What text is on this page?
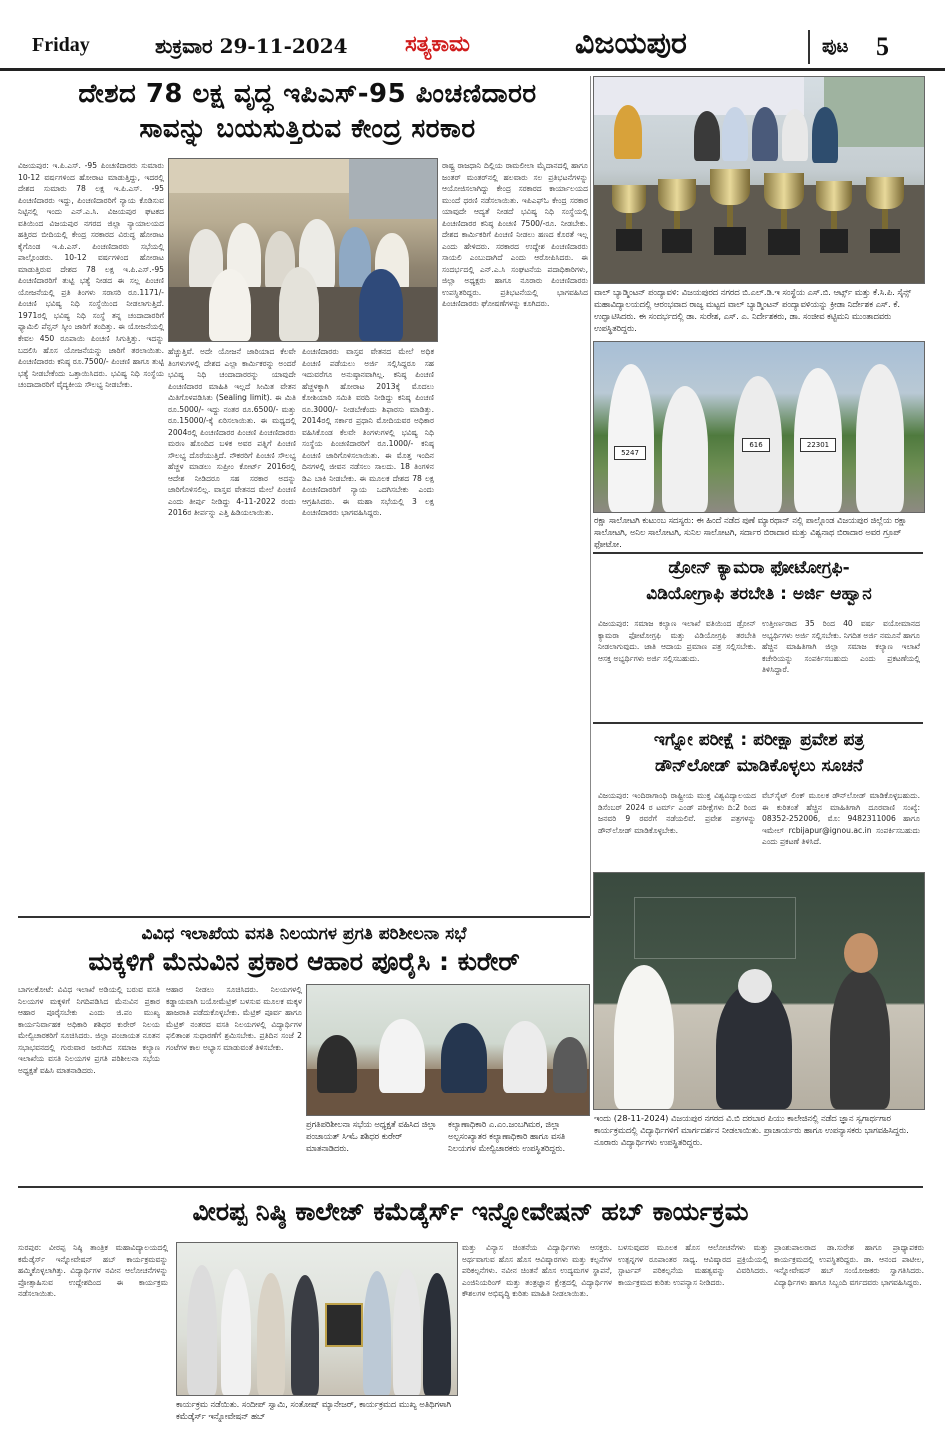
Friday	ಶುಕ್ರವಾರ 29-11-2024	ಸತ್ಯಕಾಮ	ವಿಜಯಪುರ	ಪುಟ 5
ದೇಶದ 78 ಲಕ್ಷ ವೃದ್ಧ ಇಪಿಎಸ್-95 ಪಿಂಚಣಿದಾರರ
ಸಾವನ್ನು ಬಯಸುತ್ತಿರುವ ಕೇಂದ್ರ ಸರಕಾರ
ವಿಜಯಪುರ: ಇ.ಪಿ.ಎಸ್. -95 ಪಿಂಚಣಿದಾರರು ಸುಮಾರು 10-12 ವರ್ಷಗಳಿಂದ ಹೋರಾಟ ಮಾಡುತ್ತಿದ್ದು, ಇದರಲ್ಲಿ ದೇಶದ ಸುಮಾರು 78 ಲಕ್ಷ ಇ.ಪಿ.ಎಸ್. -95 ಪಿಂಚಣಿದಾರರು ಇದ್ದು, ಪಿಂಚಣಿದಾರರಿಗೆ ನ್ಯಾಯ ಕೊಡಿಸುವ ನಿಟ್ಟಿನಲ್ಲಿ ಇಂದು ಎನ್.ಎ.ಸಿ. ವಿಜಯಪುರ ಘಟಕದ ವತಿಯಿಂದ ವಿಜಯಪುರ ನಗರದ ಜಿಲ್ಲಾ ನ್ಯಾಯಾಲಯದ ಹತ್ತಿರದ ಬೀದಿಯಲ್ಲಿ ಕೇಂದ್ರ ಸರಕಾರದ ವಿರುದ್ಧ ಹೋರಾಟ ಕೈಗೊಂಡ ಇ.ಪಿ.ಎಸ್. ಪಿಂಚಣಿದಾರರು ಸಭೆಯಲ್ಲಿ ಪಾಲ್ಗೊಂಡರು. 10-12 ವರ್ಷಗಳಿಂದ ಹೋರಾಟ ಮಾಡುತ್ತಿರುವ ದೇಶದ 78 ಲಕ್ಷ ಇ.ಪಿ.ಎಸ್.-95 ಪಿಂಚಣಿದಾರರಿಗೆ ತುಟ್ಟಿ ಭತ್ಯೆ ನೀಡದ ಈ ಸಲ್ಲ ಪಿಂಚಣಿ ಯೋಜನೆಯಲ್ಲಿ ಪ್ರತಿ ತಿಂಗಳು ಸರಾಸರಿ ರೂ.1171/- ಪಿಂಚಣಿ ಭವಿಷ್ಯ ನಿಧಿ ಸಂಸ್ಥೆಯಿಂದ ನೀಡಲಾಗುತ್ತಿದೆ. 1971ರಲ್ಲಿ ಭವಿಷ್ಯ ನಿಧಿ ಸಂಸ್ಥೆ ತನ್ನ ಚಂದಾದಾರರಿಗೆ ಫ್ಯಾಮಿಲಿ ಪೆನ್ಷನ್ ಸ್ಕೀಂ ಜಾರಿಗೆ ತಂದಿತ್ತು. ಈ ಯೋಜನೆಯಲ್ಲಿ ಕೇವಲ 450 ರೂಪಾಯಿ ಪಿಂಚಣಿ ಸಿಗುತ್ತಿತ್ತು. ಇದನ್ನು ಬದಲಿಸಿ ಹೊಸ ಯೋಜನೆಯನ್ನು ಜಾರಿಗೆ ತರಲಾಯಿತು. ಪಿಂಚಣಿದಾರರು ಕನಿಷ್ಠ ರೂ.7500/- ಪಿಂಚಣಿ ಹಾಗೂ ತುಟ್ಟಿ ಭತ್ಯೆ ನೀಡಬೇಕೆಂದು ಒತ್ತಾಯಿಸಿದರು. ಭವಿಷ್ಯ ನಿಧಿ ಸಂಸ್ಥೆಯ ಚಂದಾದಾರರಿಗೆ ವೈದ್ಯಕೀಯ ಸೌಲಭ್ಯ ನೀಡಬೇಕು.
ಹೆಚ್ಚುತ್ತಿವೆ. ಅದೇ ಯೋಜನೆ ಜಾರಿಯಾದ ಕೆಲವೇ ತಿಂಗಳುಗಳಲ್ಲಿ ದೇಶದ ಎಲ್ಲಾ ಕಾರ್ಮಿಕರನ್ನು ಅಂದರೆ ಭವಿಷ್ಯ ನಿಧಿ ಚಂದಾದಾರರನ್ನು ಯಾವುದೇ ಪಿಂಚಣಿದಾರರ ಮಾಹಿತಿ ಇಲ್ಲದೆ ಸೀಮಿತ ವೇತನ ಮಿತಿಗೊಳಪಡಿಸಿತು (Sealing limit). ಈ ಮಿತಿ ರೂ.5000/- ಇದ್ದು ನಂತರ ರೂ.6500/- ಮತ್ತು ರೂ.15000/-ಕ್ಕೆ ಏರಿಸಲಾಯಿತು. ಈ ಮಧ್ಯದಲ್ಲಿ 2004ರಲ್ಲಿ ಪಿಂಚಣಿದಾರರ ಪಿಂಚಣಿ ಪಿಂಚಣಿದಾರರು ಮರಣ ಹೊಂದಿದ ಬಳಿಕ ಅವರ ಪತ್ನಿಗೆ ಪಿಂಚಣಿ ಸೌಲಭ್ಯ ದೊರೆಯುತ್ತಿದೆ. ನೌಕರರಿಗೆ ಪಿಂಚಣಿ ಸೌಲಭ್ಯ ಹೆಚ್ಚಳ ಮಾಡಲು ಸುಪ್ರೀಂ ಕೋರ್ಟ್ 2016ರಲ್ಲಿ ಆದೇಶ ನೀಡಿದರೂ ಸಹ ಸರಕಾರ ಅದನ್ನು ಜಾರಿಗೊಳಿಸಲಿಲ್ಲ. ವಾಸ್ತವ ವೇತನದ ಮೇಲೆ ಪಿಂಚಣಿ ಎಂದು ತೀರ್ಪು ನೀಡಿದ್ದು 4-11-2022 ರಂದು 2016ರ ತೀರ್ಪನ್ನು ಎತ್ತಿ ಹಿಡಿಯಲಾಯಿತು.
ಪಿಂಚಣಿದಾರರು ವಾಸ್ತವ ವೇತನದ ಮೇಲೆ ಅಧಿಕ ಪಿಂಚಣಿ ಪಡೆಯಲು ಅರ್ಜಿ ಸಲ್ಲಿಸಿದ್ದರೂ ಸಹ ಇದುವರೆಗೂ ಅನುಷ್ಠಾನವಾಗಿಲ್ಲ. ಕನಿಷ್ಠ ಪಿಂಚಣಿ ಹೆಚ್ಚಳಕ್ಕಾಗಿ ಹೋರಾಟ 2013ಕ್ಕೆ ಮೊದಲು ಕೋಶಿಯಾರಿ ಸಮಿತಿ ವರದಿ ನೀಡಿದ್ದು ಕನಿಷ್ಠ ಪಿಂಚಣಿ ರೂ.3000/- ನೀಡಬೇಕೆಂದು ಶಿಫಾರಸು ಮಾಡಿತ್ತು. 2014ರಲ್ಲಿ ಸರ್ಕಾರ ಪ್ರಧಾನಿ ಮೋದಿಯವರ ಅಧಿಕಾರ ವಹಿಸಿಕೊಂಡ ಕೆಲವೇ ತಿಂಗಳುಗಳಲ್ಲಿ ಭವಿಷ್ಯ ನಿಧಿ ಸಂಸ್ಥೆಯ ಪಿಂಚಣಿದಾರರಿಗೆ ರೂ.1000/- ಕನಿಷ್ಠ ಪಿಂಚಣಿ ಜಾರಿಗೊಳಿಸಲಾಯಿತು. ಈ ಮೊತ್ತ ಇಂದಿನ ದಿನಗಳಲ್ಲಿ ಜೀವನ ನಡೆಸಲು ಸಾಲದು. 18 ತಿಂಗಳಿನ ಡಿಎ ಬಾಕಿ ನೀಡಬೇಕು. ಈ ಮೂಲಕ ದೇಶದ 78 ಲಕ್ಷ ಪಿಂಚಣಿದಾರರಿಗೆ ನ್ಯಾಯ ಒದಗಿಸಬೇಕು ಎಂದು ಆಗ್ರಹಿಸಿದರು. ಈ ಮಹಾ ಸಭೆಯಲ್ಲಿ 3 ಲಕ್ಷ ಪಿಂಚಣಿದಾರರು ಭಾಗವಹಿಸಿದ್ದರು.
ರಾಷ್ಟ್ರ ರಾಜಧಾನಿ ದಿಲ್ಲಿಯ ರಾಮಲೀಲಾ ಮೈದಾನದಲ್ಲಿ ಹಾಗೂ ಜಂತರ್ ಮಂತರ್‌ನಲ್ಲಿ ಹಲವಾರು ಸಲ ಪ್ರತಿಭಟನೆಗಳನ್ನು ಆಯೋಜಿಸಲಾಗಿದ್ದು ಕೇಂದ್ರ ಸರಕಾರದ ಕಾರ್ಯಾಲಯದ ಮುಂದೆ ಧರಣಿ ನಡೆಸಲಾಯಿತು. ಇಪಿಎಫ್‌ಓ ಕೇಂದ್ರ ಸರಕಾರ ಯಾವುದೇ ಆದ್ಯತೆ ನೀಡದೆ ಭವಿಷ್ಯ ನಿಧಿ ಸಂಸ್ಥೆಯಲ್ಲಿ ಪಿಂಚಣಿದಾರರ ಕನಿಷ್ಠ ಪಿಂಚಣಿ 7500/-ರೂ. ನೀಡಬೇಕು. ದೇಶದ ಕಾರ್ಮಿಕರಿಗೆ ಪಿಂಚಣಿ ನೀಡಲು ಹಣದ ಕೊರತೆ ಇಲ್ಲ ಎಂದು ಹೇಳಿದರು. ಸರಕಾರದ ಉದ್ದೇಶ ಪಿಂಚಣಿದಾರರು ಸಾಯಲಿ ಎಂಬುದಾಗಿದೆ ಎಂದು ಆರೋಪಿಸಿದರು. ಈ ಸಂದರ್ಭದಲ್ಲಿ ಎನ್.ಎ.ಸಿ ಸಂಘಟನೆಯ ಪದಾಧಿಕಾರಿಗಳು, ಜಿಲ್ಲಾ ಅಧ್ಯಕ್ಷರು ಹಾಗೂ ನೂರಾರು ಪಿಂಚಣಿದಾರರು ಉಪಸ್ಥಿತರಿದ್ದರು. ಪ್ರತಿಭಟನೆಯಲ್ಲಿ ಭಾಗವಹಿಸಿದ ಪಿಂಚಣಿದಾರರು ಘೋಷಣೆಗಳನ್ನು ಕೂಗಿದರು.
ವಾಲ್ ಬ್ಯಾಡ್ಮಿಂಟನ್ ಪಂದ್ಯಾವಳಿ: ವಿಜಯಪುರದ ನಗರದ ಬಿ.ಎಲ್.ಡಿ.ಇ ಸಂಸ್ಥೆಯ ಎಸ್.ಬಿ. ಆರ್ಟ್ಸ್ ಮತ್ತು ಕೆ.ಸಿ.ಪಿ. ಸೈನ್ಸ್ ಮಹಾವಿದ್ಯಾಲಯದಲ್ಲಿ ಆರಂಭವಾದ ರಾಜ್ಯ ಮಟ್ಟದ ವಾಲ್ ಬ್ಯಾಡ್ಮಿಂಟನ್ ಪಂದ್ಯಾವಳಿಯನ್ನು ಕ್ರೀಡಾ ನಿರ್ದೇಶಕ ಎಸ್. ಕೆ. ಉದ್ಘಾಟಿಸಿದರು. ಈ ಸಂದರ್ಭದಲ್ಲಿ ಡಾ. ಸುರೇಶ, ಎಸ್. ಎ. ನಿರ್ದೇಶಕರು, ಡಾ. ಸಂಜೀವ ಕಟ್ಟಿಮನಿ ಮುಂತಾದವರು ಉಪಸ್ಥಿತರಿದ್ದರು.
616	22301
5247
ರಕ್ಷಾ ಸಾಲೋಟಗಿ ಕುಟುಂಬ ಸದಸ್ಯರು: ಈ ಹಿಂದೆ ನಡೆದ ಪುಣೆ ಮ್ಯಾರಥಾನ್ ನಲ್ಲಿ ಪಾಲ್ಗೊಂಡ ವಿಜಯಪುರ ಜಿಲ್ಲೆಯ ರಕ್ಷಾ ಸಾಲೋಟಗಿ, ಅನಿಲ ಸಾಲೋಟಗಿ, ಸುನಿಲ ಸಾಲೋಟಗಿ, ಸರ್ದಾರ ಬಿರಾದಾರ ಮತ್ತು ವಿಶ್ವನಾಥ ಬಿರಾದಾರ ಅವರ ಗ್ರೂಪ್ ಫೋಟೋ.
ಡ್ರೋನ್ ಕ್ಯಾಮರಾ ಫೋಟೋಗ್ರಫಿ-
ವಿಡಿಯೋಗ್ರಾಫಿ ತರಬೇತಿ : ಅರ್ಜಿ ಆಹ್ವಾನ
ವಿಜಯಪುರ: ಸಮಾಜ ಕಲ್ಯಾಣ ಇಲಾಖೆ ವತಿಯಿಂದ ಡ್ರೋನ್ ಕ್ಯಾಮರಾ ಫೋಟೋಗ್ರಫಿ ಮತ್ತು ವಿಡಿಯೋಗ್ರಫಿ ತರಬೇತಿ ನೀಡಲಾಗುವುದು. ಜಾತಿ ಆದಾಯ ಪ್ರಮಾಣ ಪತ್ರ ಸಲ್ಲಿಸಬೇಕು. ಆಸಕ್ತ ಅಭ್ಯರ್ಥಿಗಳು ಅರ್ಜಿ ಸಲ್ಲಿಸಬಹುದು.
ಉತ್ತೀರ್ಣರಾದ 35 ರಿಂದ 40 ವರ್ಷ ವಯೋಮಾನದ ಅಭ್ಯರ್ಥಿಗಳು ಅರ್ಜಿ ಸಲ್ಲಿಸಬೇಕು. ನಿಗದಿತ ಅರ್ಜಿ ನಮೂನೆ ಹಾಗೂ ಹೆಚ್ಚಿನ ಮಾಹಿತಿಗಾಗಿ ಜಿಲ್ಲಾ ಸಮಾಜ ಕಲ್ಯಾಣ ಇಲಾಖೆ ಕಚೇರಿಯನ್ನು ಸಂಪರ್ಕಿಸಬಹುದು ಎಂದು ಪ್ರಕಟಣೆಯಲ್ಲಿ ತಿಳಿಸಿದ್ದಾರೆ.
ಇಗ್ನೋ ಪರೀಕ್ಷೆ : ಪರೀಕ್ಷಾ ಪ್ರವೇಶ ಪತ್ರ
ಡೌನ್‌ಲೋಡ್ ಮಾಡಿಕೊಳ್ಳಲು ಸೂಚನೆ
ವಿಜಯಪುರ: ಇಂದಿರಾಗಾಂಧಿ ರಾಷ್ಟ್ರೀಯ ಮುಕ್ತ ವಿಶ್ವವಿದ್ಯಾಲಯದ ಡಿಸೆಂಬರ್ 2024 ರ ಟರ್ಮ್ ಎಂಡ್ ಪರೀಕ್ಷೆಗಳು ದಿ:2 ರಿಂದ ಜನವರಿ 9 ರವರೆಗೆ ನಡೆಯಲಿವೆ. ಪ್ರವೇಶ ಪತ್ರಗಳನ್ನು ಡೌನ್‌ಲೋಡ್ ಮಾಡಿಕೊಳ್ಳಬೇಕು.
ವೆಬ್‌ಸೈಟ್ ಲಿಂಕ್ ಮೂಲಕ ಡೌನ್‌ಲೋಡ್ ಮಾಡಿಕೊಳ್ಳಬಹುದು. ಈ ಕುರಿತಂತೆ ಹೆಚ್ಚಿನ ಮಾಹಿತಿಗಾಗಿ ದೂರವಾಣಿ ಸಂಖ್ಯೆ: 08352-252006, ಮೊ: 9482311006 ಹಾಗೂ ಇಮೇಲ್ rcbijapur@ignou.ac.in ಸಂಪರ್ಕಿಸಬಹುದು ಎಂದು ಪ್ರಕಟಣೆ ತಿಳಿಸಿದೆ.
ವಿವಿಧ ಇಲಾಖೆಯ ವಸತಿ ನಿಲಯಗಳ ಪ್ರಗತಿ ಪರಿಶೀಲನಾ ಸಭೆ
ಮಕ್ಕಳಿಗೆ ಮೆನುವಿನ ಪ್ರಕಾರ ಆಹಾರ ಪೂರೈಸಿ : ಕುರೇರ್
ಬಾಗಲಕೋಟೆ: ವಿವಿಧ ಇಲಾಖೆ ಅಡಿಯಲ್ಲಿ ಬರುವ ವಸತಿ ನಿಲಯಗಳ ಮಕ್ಕಳಿಗೆ ನಿಗದಿಪಡಿಸಿದ ಮೆನುವಿನ ಪ್ರಕಾರ ಆಹಾರ ಪೂರೈಸಬೇಕು ಎಂದು ಜಿ.ಪಂ ಮುಖ್ಯ ಕಾರ್ಯನಿರ್ವಾಹಕ ಅಧಿಕಾರಿ ಶಶಿಧರ ಕುರೇರ್ ನಿಲಯ ಮೇಲ್ವಿಚಾರಕರಿಗೆ ಸೂಚಿಸಿದರು. ಜಿಲ್ಲಾ ಪಂಚಾಯತ ನೂತನ ಸಭಾಭವನದಲ್ಲಿ ಗುರುವಾರ ಜರುಗಿದ ಸಮಾಜ ಕಲ್ಯಾಣ ಇಲಾಖೆಯ ವಸತಿ ನಿಲಯಗಳ ಪ್ರಗತಿ ಪರಿಶೀಲನಾ ಸಭೆಯ ಅಧ್ಯಕ್ಷತೆ ವಹಿಸಿ ಮಾತನಾಡಿದರು.
ಆಹಾರ ನೀಡಲು ಸೂಚಿಸಿದರು. ನಿಲಯಗಳಲ್ಲಿ ಕಡ್ಡಾಯವಾಗಿ ಬಯೋಮೆಟ್ರಿಕ್ ಬಳಸುವ ಮೂಲಕ ಮಕ್ಕಳ ಹಾಜರಾತಿ ಪಡೆದುಕೊಳ್ಳಬೇಕು. ಮೆಟ್ರಿಕ್ ಪೂರ್ವ ಹಾಗೂ ಮೆಟ್ರಿಕ್ ನಂತರದ ವಸತಿ ನಿಲಯಗಳಲ್ಲಿ ವಿದ್ಯಾರ್ಥಿಗಳ ಫಲಿತಾಂಶ ಸುಧಾರಣೆಗೆ ಶ್ರಮಿಸಬೇಕು. ಪ್ರತಿದಿನ ಸಂಜೆ 2 ಗಂಟೆಗಳ ಕಾಲ ಅಭ್ಯಾಸ ಮಾಡುವಂತೆ ತಿಳಿಸಬೇಕು.
ಪ್ರಗತಿಪರಿಶೀಲನಾ ಸಭೆಯ ಅಧ್ಯಕ್ಷತೆ ವಹಿಸಿದ ಜಿಲ್ಲಾ ಪಂಚಾಯತ್ ಸಿಇಓ ಶಶಿಧರ ಕುರೇರ್ ಮಾತನಾಡಿದರು.
ಕಲ್ಯಾಣಾಧಿಕಾರಿ ಎ.ಎಂ.ಜಂಬಗಿಮಠ, ಜಿಲ್ಲಾ ಅಲ್ಪಸಂಖ್ಯಾತರ ಕಲ್ಯಾಣಾಧಿಕಾರಿ ಹಾಗೂ ವಸತಿ ನಿಲಯಗಳ ಮೇಲ್ವಿಚಾರಕರು ಉಪಸ್ಥಿತರಿದ್ದರು.
ಇಂದು (28-11-2024) ವಿಜಯಪುರ ನಗರದ ವಿ.ಬಿ ದರಬಾರ ಪಿಯು ಕಾಲೇಜಿನಲ್ಲಿ ನಡೆದ ಜ್ಞಾನ ಸ್ವಗಾರ್ಥಗಾರ ಕಾರ್ಯಕ್ರಮದಲ್ಲಿ ವಿದ್ಯಾರ್ಥಿಗಳಿಗೆ ಮಾರ್ಗದರ್ಶನ ನೀಡಲಾಯಿತು. ಪ್ರಾಚಾರ್ಯರು ಹಾಗೂ ಉಪನ್ಯಾಸಕರು ಭಾಗವಹಿಸಿದ್ದರು. ನೂರಾರು ವಿದ್ಯಾರ್ಥಿಗಳು ಉಪಸ್ಥಿತರಿದ್ದರು.
ವೀರಪ್ಪ ನಿಷ್ಠಿ ಕಾಲೇಜ್ ಕಮೆಡ್ಕೆರ್ಸ್ ಇನ್ನೋವೇಷನ್ ಹಬ್ ಕಾರ್ಯಕ್ರಮ
ಸುರಪುರ: ವೀರಪ್ಪ ನಿಷ್ಠಿ ತಾಂತ್ರಿಕ ಮಹಾವಿದ್ಯಾಲಯದಲ್ಲಿ ಕಮೆಡ್ಕೆರ್ಸ್ ಇನ್ನೋವೇಷನ್ ಹಬ್ ಕಾರ್ಯಕ್ರಮವನ್ನು ಹಮ್ಮಿಕೊಳ್ಳಲಾಗಿತ್ತು. ವಿದ್ಯಾರ್ಥಿಗಳ ನವೀನ ಆಲೋಚನೆಗಳನ್ನು ಪ್ರೋತ್ಸಾಹಿಸುವ ಉದ್ದೇಶದಿಂದ ಈ ಕಾರ್ಯಕ್ರಮ ನಡೆಸಲಾಯಿತು.
ಕಾರ್ಯಕ್ರಮ ನಡೆಯಿತು. ಸಂದೀಪ್ ಸ್ವಾಮಿ, ಸಂತೋಷ್ ಮ್ಯಾನೇಜರ್, ಕಾರ್ಯಕ್ರಮದ ಮುಖ್ಯ ಅತಿಥಿಗಳಾಗಿ ಕಮೆಡ್ಕೆರ್ಸ್ ಇನ್ನೋವೇಷನ್ ಹಬ್
ಮತ್ತು ವಿನ್ಯಾಸ ಚಿಂತನೆಯ ವಿದ್ಯಾರ್ಥಿಗಳು ಆಸಕ್ತರು. ಅರ್ಥವಾಗುವ ಹೊಸ ಹೊಸ ಆವಿಷ್ಕಾರಗಳು ಮತ್ತು ಕಲ್ಪನೆಗಳ ಪರಿಕಲ್ಪನೆಗಳು. ನವೀನ ಚಿಂತನೆ ಹೊಸ ಉದ್ಯಮಗಳ ಸ್ಥಾಪನೆ, ಎಂಜಿನಿಯರಿಂಗ್ ಮತ್ತು ತಂತ್ರಜ್ಞಾನ ಕ್ಷೇತ್ರದಲ್ಲಿ ವಿದ್ಯಾರ್ಥಿಗಳ ಕೌಶಲಗಳ ಅಭಿವೃದ್ಧಿ ಕುರಿತು ಮಾಹಿತಿ ನೀಡಲಾಯಿತು.
ಬಳಸುವುದರ ಮೂಲಕ ಹೊಸ ಆಲೋಚನೆಗಳು ಮತ್ತು ಉತ್ಪನ್ನಗಳ ರೂಪಾಂತರ ಸಾಧ್ಯ. ಆವಿಷ್ಕಾರದ ಪ್ರಕ್ರಿಯೆಯಲ್ಲಿ ಸ್ಟಾರ್ಟಪ್ ಪರಿಕಲ್ಪನೆಯ ಮಹತ್ವವನ್ನು ವಿವರಿಸಿದರು. ಕಾರ್ಯಕ್ರಮದ ಕುರಿತು ಉಪನ್ಯಾಸ ನೀಡಿದರು.
ಪ್ರಾಂಶುಪಾಲರಾದ ಡಾ.ಸುರೇಶ ಹಾಗೂ ಪ್ರಾಧ್ಯಾಪಕರು ಕಾರ್ಯಕ್ರಮದಲ್ಲಿ ಉಪಸ್ಥಿತರಿದ್ದರು. ಡಾ. ಆನಂದ ಪಾಟೀಲ, ಇನ್ನೋವೇಷನ್ ಹಬ್ ಸಂಯೋಜಕರು ಸ್ವಾಗತಿಸಿದರು. ವಿದ್ಯಾರ್ಥಿಗಳು ಹಾಗೂ ಸಿಬ್ಬಂದಿ ವರ್ಗದವರು ಭಾಗವಹಿಸಿದ್ದರು.
